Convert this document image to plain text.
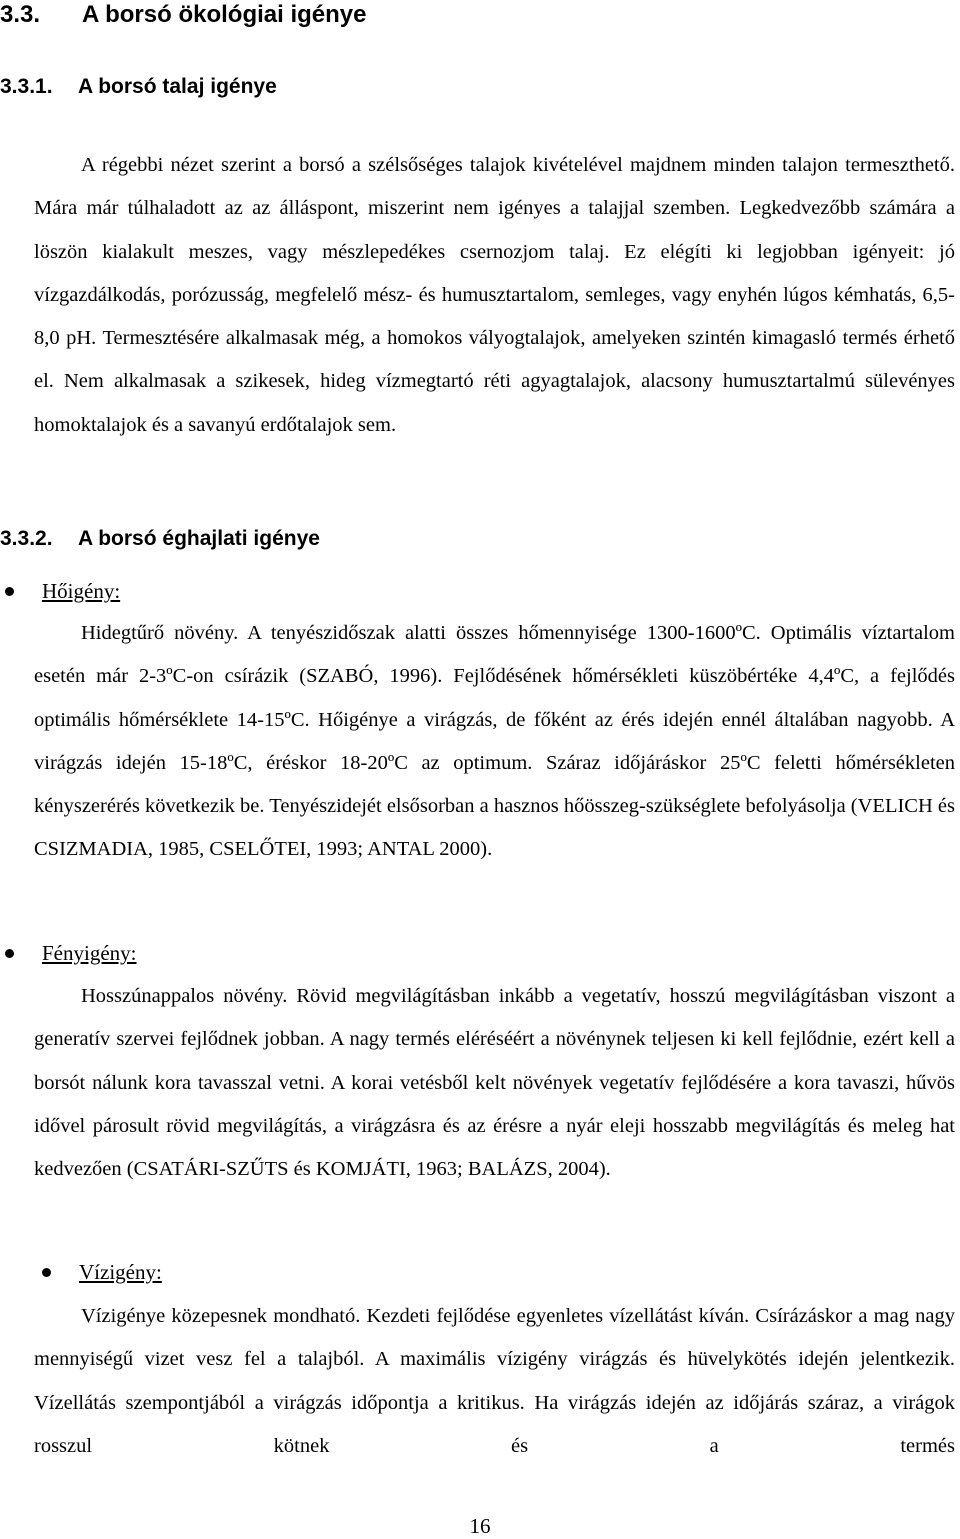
3.3. A borsó ökológiai igénye
3.3.1. A borsó talaj igénye

A régebbi nézet szerint a borsó a szélsőséges talajok kivételével majdnem minden talajon termeszthető. Mára már túlhaladott az az álláspont, miszerint nem igényes a talajjal szemben. Legkedvezőbb számára a löszön kialakult meszes, vagy mészlepedékes csernozjom talaj. Ez elégíti ki legjobban igényeit: jó vízgazdálkodás, porózusság, megfelelő mész- és humusztartalom, semleges, vagy enyhén lúgos kémhatás, 6,5-8,0 pH. Termesztésére alkalmasak még, a homokos vályogtalajok, amelyeken szintén kimagasló termés érhető el. Nem alkalmasak a szikesek, hideg vízmegtartó réti agyagtalajok, alacsony humusztartalmú sülevényes homoktalajok és a savanyú erdőtalajok sem.

3.3.2. A borsó éghajlati igénye
Hőigény:

Hidegtűrő növény. A tenyészidőszak alatti összes hőmennyisége 1300-1600ºC. Optimális víztartalom esetén már 2-3ºC-on csírázik (SZABÓ, 1996). Fejlődésének hőmérsékleti küszöbértéke 4,4ºC, a fejlődés optimális hőmérséklete 14-15ºC. Hőigénye a virágzás, de főként az érés idején ennél általában nagyobb. A virágzás idején 15-18ºC, éréskor 18-20ºC az optimum. Száraz időjáráskor 25ºC feletti hőmérsékleten kényszerérés következik be. Tenyészidejét elsősorban a hasznos hőösszeg-szükséglete befolyásolja (VELICH és CSIZMADIA, 1985, CSELŐTEI, 1993; ANTAL 2000).

Fényigény:

Hosszúnappalos növény. Rövid megvilágításban inkább a vegetatív, hosszú megvilágításban viszont a generatív szervei fejlődnek jobban. A nagy termés eléréséért a növénynek teljesen ki kell fejlődnie, ezért kell a borsót nálunk kora tavasszal vetni. A korai vetésből kelt növények vegetatív fejlődésére a kora tavaszi, hűvös idővel párosult rövid megvilágítás, a virágzásra és az érésre a nyár eleji hosszabb megvilágítás és meleg hat kedvezően (CSATÁRI-SZŰTS és KOMJÁTI, 1963; BALÁZS, 2004).

Vízigény:

Vízigénye közepesnek mondható. Kezdeti fejlődése egyenletes vízellátást kíván. Csírázáskor a mag nagy mennyiségű vizet vesz fel a talajból. A maximális vízigény virágzás és hüvelykötés idején jelentkezik. Vízellátás szempontjából a virágzás időpontja a kritikus. Ha virágzás idején az időjárás száraz, a virágok rosszul kötnek és a termés

16
